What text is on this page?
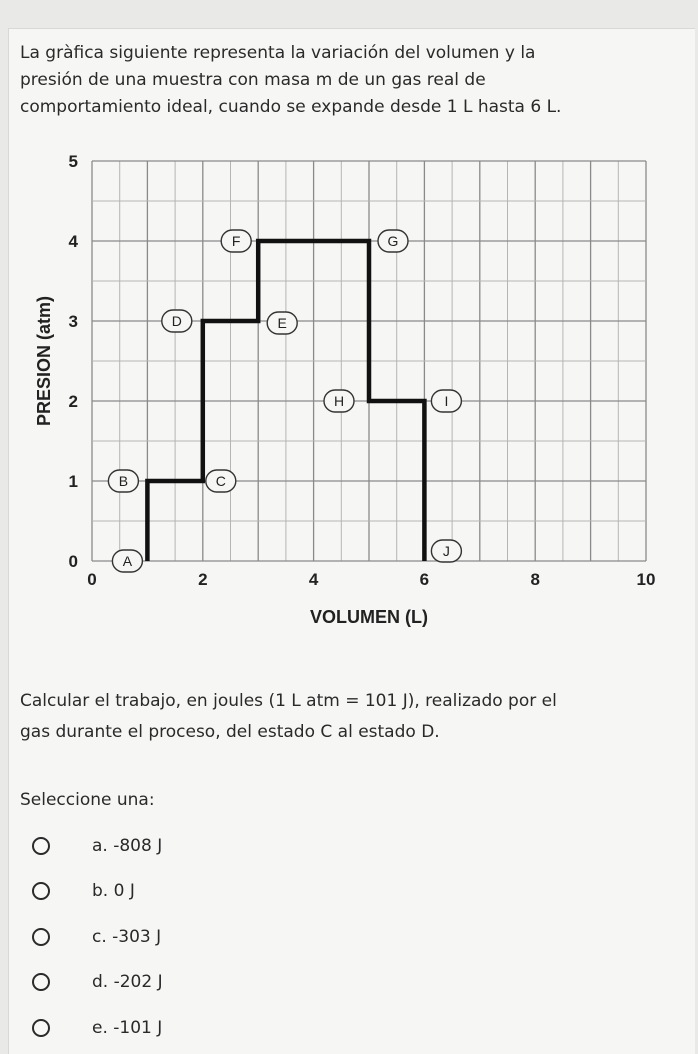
La gràfica siguiente representa la variación del volumen y la
presión de una muestra con masa m de un gas real de
comportamiento ideal, cuando se expande desde 1 L hasta 6 L.
0	2	4	6	8	10
0
1
2
3
4
5
VOLUMEN (L)
PRESION (atm)
A
B	C
D	E
F	G
H	I
J
Calcular el trabajo, en joules (1 L atm = 101 J), realizado por el
gas durante el proceso, del estado C al estado D.
Seleccione una:
a. -808 J
b. 0 J
c. -303 J
d. -202 J
e. -101 J
